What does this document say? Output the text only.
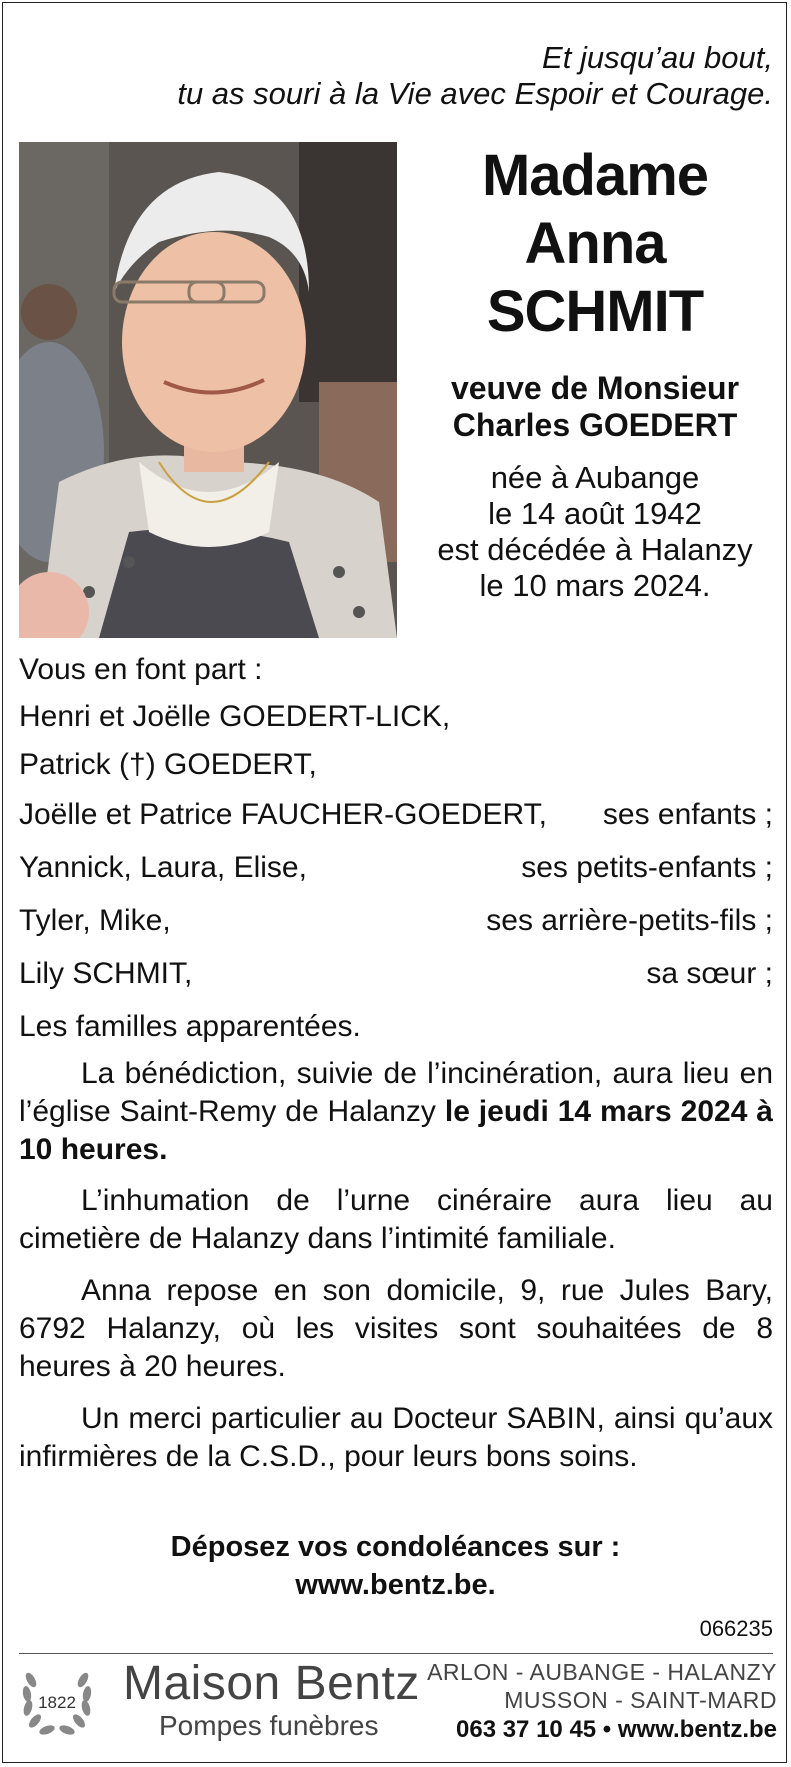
Et jusqu’au bout,
tu as souri à la Vie avec Espoir et Courage.
Madame
Anna
SCHMIT
veuve de Monsieur
Charles GOEDERT
née à Aubange
le 14 août 1942
est décédée à Halanzy
le 10 mars 2024.
Vous en font part :
Henri et Joëlle GOEDERT-LICK,
Patrick (†) GOEDERT,
Joëlle et Patrice FAUCHER-GOEDERT, ses enfants ;
Yannick, Laura, Elise,	ses petits-enfants ;
Tyler, Mike,	ses arrière-petits-fils ;
Lily SCHMIT,	sa sœur ;
Les familles apparentées.
La bénédiction, suivie de l’incinération, aura lieu en l’église Saint-Remy de Halanzy le jeudi 14 mars 2024 à 10 heures.
L’inhumation de l’urne cinéraire aura lieu au cimetière de Halanzy dans l’intimité familiale.
Anna repose en son domicile, 9, rue Jules Bary, 6792 Halanzy, où les visites sont souhaitées de 8 heures à 20 heures.
Un merci particulier au Docteur SABIN, ainsi qu’aux infirmières de la C.S.D., pour leurs bons soins.
Déposez vos condoléances sur :
www.bentz.be.
066235
1822 Maison Bentz
Pompes funèbres
ARLON - AUBANGE - HALANZY
MUSSON - SAINT-MARD
063 37 10 45 • www.bentz.be
